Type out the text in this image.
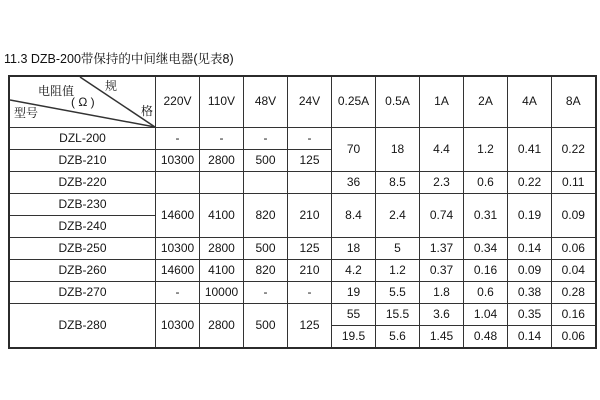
11.3 DZB-200带保持的中间继电器(见表8)
规
格
电阻值
( Ω )
型号	220V	110V	48V	24V	0.25A	0.5A	1A	2A	4A	8A
DZL-200	-	-	-	-	70	18	4.4	1.2	0.41	0.22
DZB-210	10300	2800	500	125						
DZB-220					36	8.5	2.3	0.6	0.22	0.11
DZB-230	14600	4100	820	210	8.4	2.4	0.74	0.31	0.19	0.09
DZB-240										
DZB-250	10300	2800	500	125	18	5	1.37	0.34	0.14	0.06
DZB-260	14600	4100	820	210	4.2	1.2	0.37	0.16	0.09	0.04
DZB-270	-	10000	-	-	19	5.5	1.8	0.6	0.38	0.28
DZB-280	10300	2800	500	125	55	15.5	3.6	1.04	0.35	0.16
					19.5	5.6	1.45	0.48	0.14	0.06
